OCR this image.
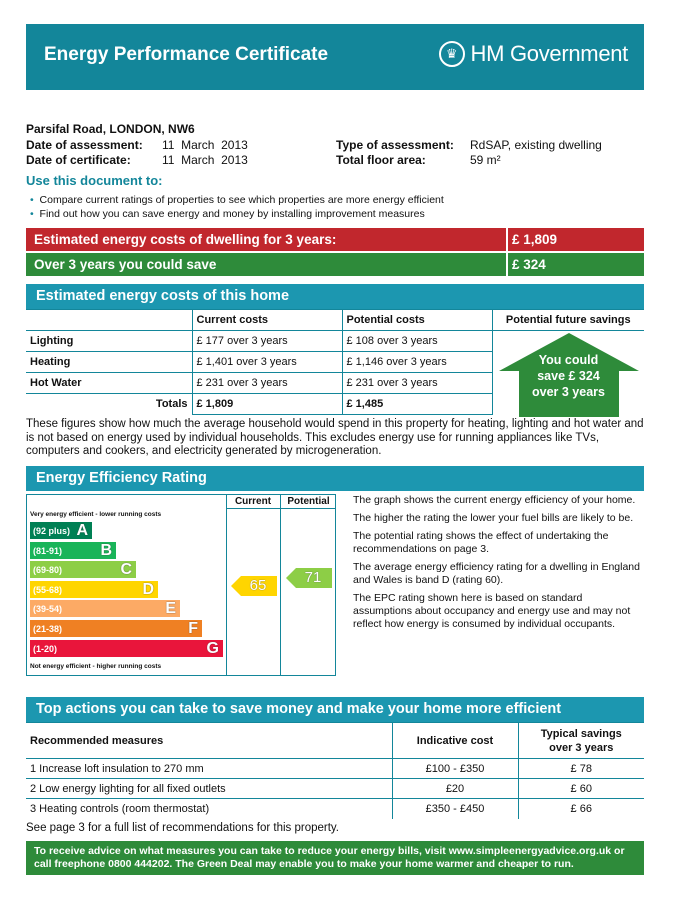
Energy Performance Certificate	♛ HM Government
Parsifal Road, LONDON, NW6
Date of assessment: 11  March  2013
Date of certificate:	11  March  2013
Type of assessment: RdSAP, existing dwelling
Total floor area:	59 m²
Use this document to:
• Compare current ratings of properties to see which properties are more energy efficient
• Find out how you can save energy and money by installing improvement measures
Estimated energy costs of dwelling for 3 years:	£ 1,809
Over 3 years you could save	£ 324
Estimated energy costs of this home
	Current costs	Potential costs	Potential future savings
Lighting	£ 177 over 3 years	£ 108 over 3 years	You could
save £ 324
over 3 years

Heating	£ 1,401 over 3 years	£ 1,146 over 3 years	
Hot Water	£ 231 over 3 years	£ 231 over 3 years	
Totals	£ 1,809	£ 1,485	
These figures show how much the average household would spend in this property for heating, lighting and hot water and is not based on energy used by individual households. This excludes energy use for running appliances like TVs, computers and cookers, and electricity generated by microgeneration.
Energy Efficiency Rating
Current	Potential
Very energy efficient - lower running costs
Not energy efficient - higher running costs
(92 plus) A
(81-91) B
(69-80)	C
(55-68)	D
(39-54)	E
(21-38)	F
(1-20)	G
65	71

The graph shows the current energy efficiency of your home.

The higher the rating the lower your fuel bills are likely to be.

The potential rating shows the effect of undertaking the recommendations on page 3.

The average energy efficiency rating for a dwelling in England and Wales is band D (rating 60).

The EPC rating shown here is based on standard assumptions about occupancy and energy use and may not reflect how energy is consumed by individual occupants.

Top actions you can take to save money and make your home more efficient
Recommended measures	Indicative cost	Typical savings
over 3 years

1 Increase loft insulation to 270 mm	£100 - £350	£ 78
2 Low energy lighting for all fixed outlets	£20	£ 60
3 Heating controls (room thermostat)	£350 - £450	£ 66
See page 3 for a full list of recommendations for this property.
To receive advice on what measures you can take to reduce your energy bills, visit www.simpleenergyadvice.org.uk or
call freephone 0800 444202. The Green Deal may enable you to make your home warmer and cheaper to run.
